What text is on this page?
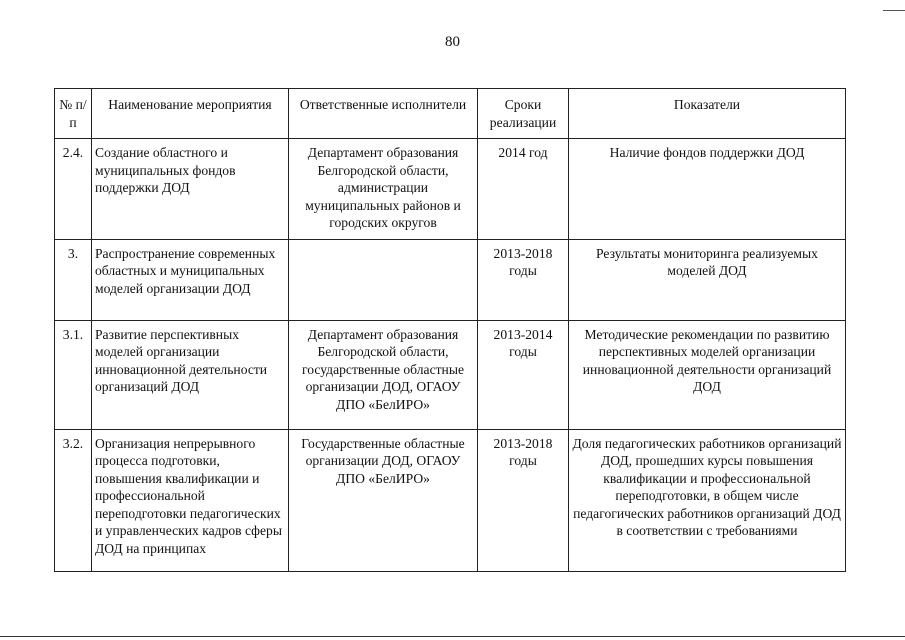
80
№ п/п	Наименование мероприятия	Ответственные исполнители	Сроки реализации	Показатели
2.4.	Создание областного и муниципальных фондов поддержки ДОД	Департамент образования Белгородской области, администрации муниципальных районов и городских округов	2014 год	Наличие фондов поддержки ДОД
3.	Распространение современных областных и муниципальных моделей организации ДОД		2013-2018 годы	Результаты мониторинга реализуемых моделей ДОД
3.1.	Развитие перспективных моделей организации инновационной деятельности организаций ДОД	Департамент образования Белгородской области, государственные областные организации ДОД, ОГАОУ ДПО «БелИРО»	2013-2014 годы	Методические рекомендации по развитию перспективных моделей организации инновационной деятельности организаций ДОД
3.2.	Организация непрерывного процесса подготовки, повышения квалификации и профессиональной переподготовки педагогических и управленческих кадров сферы ДОД на принципах	Государственные областные организации ДОД, ОГАОУ ДПО «БелИРО»	2013-2018 годы	Доля педагогических работников организаций ДОД, прошедших курсы повышения квалификации и профессиональной переподготовки, в общем числе педагогических работников организаций ДОД в соответствии с требованиями
